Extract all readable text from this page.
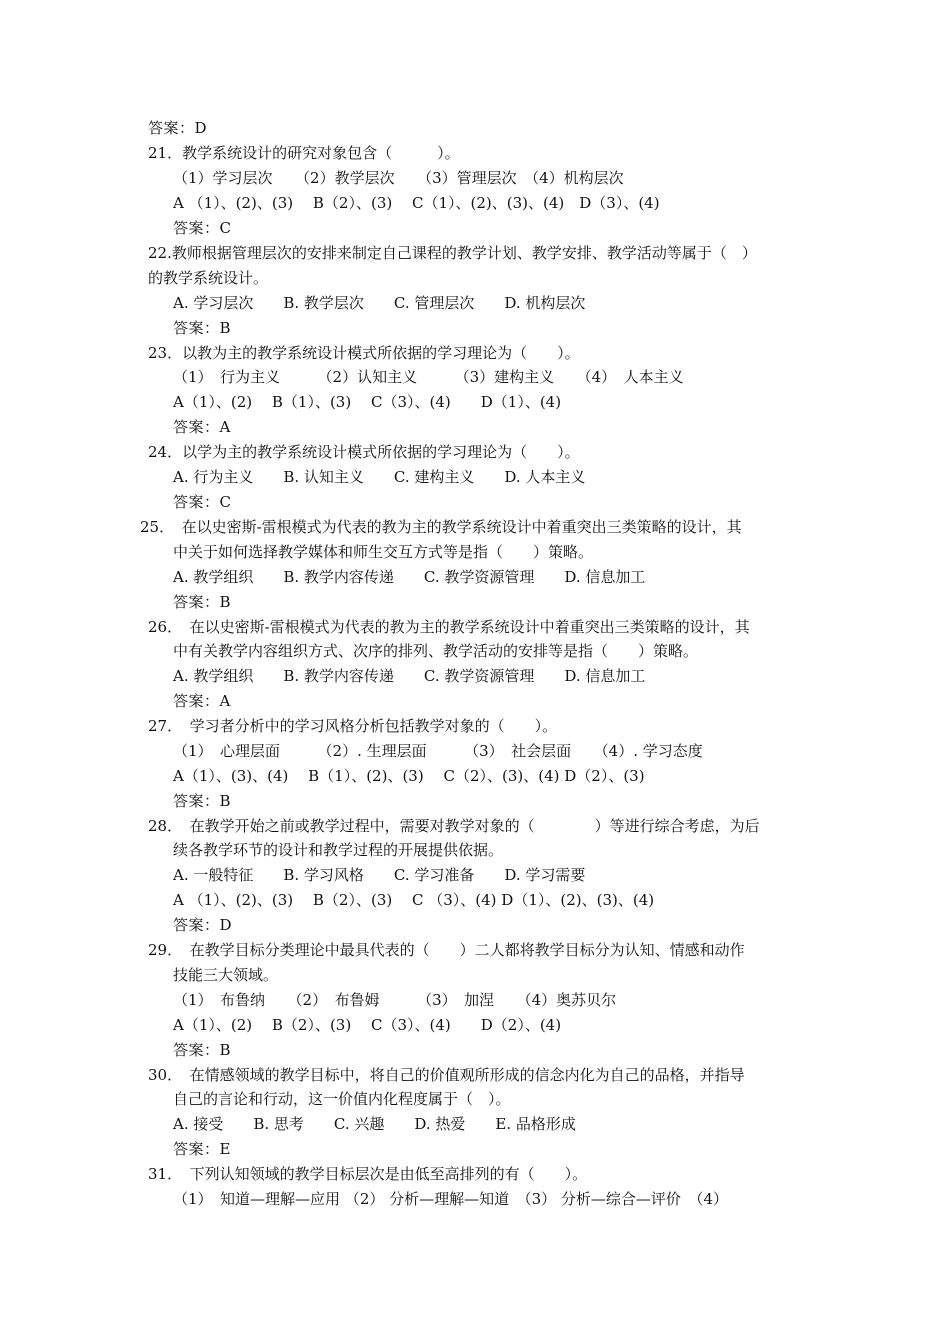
答案：D
21．教学系统设计的研究对象包含（　　　）。
（1）学习层次　　（2）教学层次　　（3）管理层次　（4）机构层次
A （1）、(2)、(3)　 B（2）、(3)　 C（1）、(2)、(3)、(4)　D（3）、(4)
答案：C
22.教师根据管理层次的安排来制定自己课程的教学计划、教学安排、教学活动等属于（　）
的教学系统设计。
A. 学习层次　　B. 教学层次　　C. 管理层次　　D. 机构层次
答案：B
23．以教为主的教学系统设计模式所依据的学习理论为（　　）。
（1）　行为主义　　　（2）认知主义　　　（3）建构主义　　（4）　人本主义
A（1）、(2)　 B（1）、(3)　 C（3）、(4)　　D（1）、(4)
答案：A
24．以学为主的教学系统设计模式所依据的学习理论为（　　）。
A. 行为主义　　B. 认知主义　　C. 建构主义　　D. 人本主义
答案：C
25．　在以史密斯-雷根模式为代表的教为主的教学系统设计中着重突出三类策略的设计，其
中关于如何选择教学媒体和师生交互方式等是指（　　）策略。
A. 教学组织　　B. 教学内容传递　　C. 教学资源管理　　D. 信息加工
答案：B
26．　在以史密斯-雷根模式为代表的教为主的教学系统设计中着重突出三类策略的设计，其
中有关教学内容组织方式、次序的排列、教学活动的安排等是指（　　）策略。
A. 教学组织　　B. 教学内容传递　　C. 教学资源管理　　D. 信息加工
答案：A
27．　学习者分析中的学习风格分析包括教学对象的（　　）。
（1）　心理层面　　　（2）. 生理层面　　　（3）　社会层面　　（4）. 学习态度
A（1）、(3)、(4)　 B（1）、(2)、(3)　 C（2）、(3)、(4) D（2）、(3)
答案：B
28．　在教学开始之前或教学过程中，需要对教学对象的（　　　　）等进行综合考虑，为后
续各教学环节的设计和教学过程的开展提供依据。
A. 一般特征　　B. 学习风格　　C. 学习准备　　D. 学习需要
A （1）、(2)、(3)　 B（2）、(3)　 C （3）、(4) D（1）、(2)、(3)、(4)
答案：D
29．　在教学目标分类理论中最具代表的（　　）二人都将教学目标分为认知、情感和动作
技能三大领域。
（1）　布鲁纳　　（2）　布鲁姆　　　（3）　加涅　　（4）奥苏贝尔
A（1）、(2)　 B（2）、(3)　 C（3）、(4)　　D（2）、(4)
答案：B
30．　在情感领域的教学目标中，将自己的价值观所形成的信念内化为自己的品格，并指导
自己的言论和行动，这一价值内化程度属于（　）。
A. 接受　　B. 思考　　C. 兴趣　　D. 热爱　　E. 品格形成
答案：E
31．　下列认知领域的教学目标层次是由低至高排列的有（　　）。
（1）　知道—理解—应用 （2） 分析—理解—知道　（3） 分析—综合—评价　（4）
